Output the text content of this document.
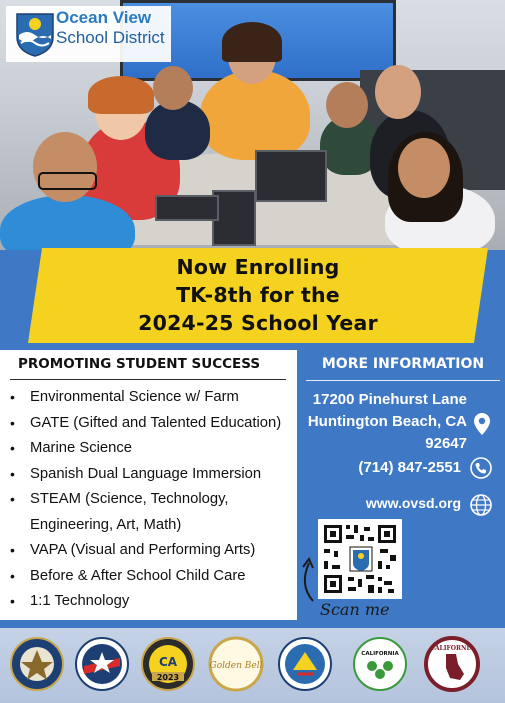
Ocean View
School District
Now Enrolling
TK-8th for the
2024-25 School Year
PROMOTING STUDENT SUCCESS
• Environmental Science w/ Farm
• GATE (Gifted and Talented Education)
• Marine Science
• Spanish Dual Language Immersion
• STEAM (Science, Technology,
Engineering, Art, Math)
• VAPA (Visual and Performing Arts)
• Before & After School Child Care
• 1:1 Technology
MORE INFORMATION
17200 Pinehurst Lane
Huntington Beach, CA
92647
(714) 847-2551
www.ovsd.org
Scan me
CA
2023
Golden Bell
CALIFORNIA
CALIFORNIA
